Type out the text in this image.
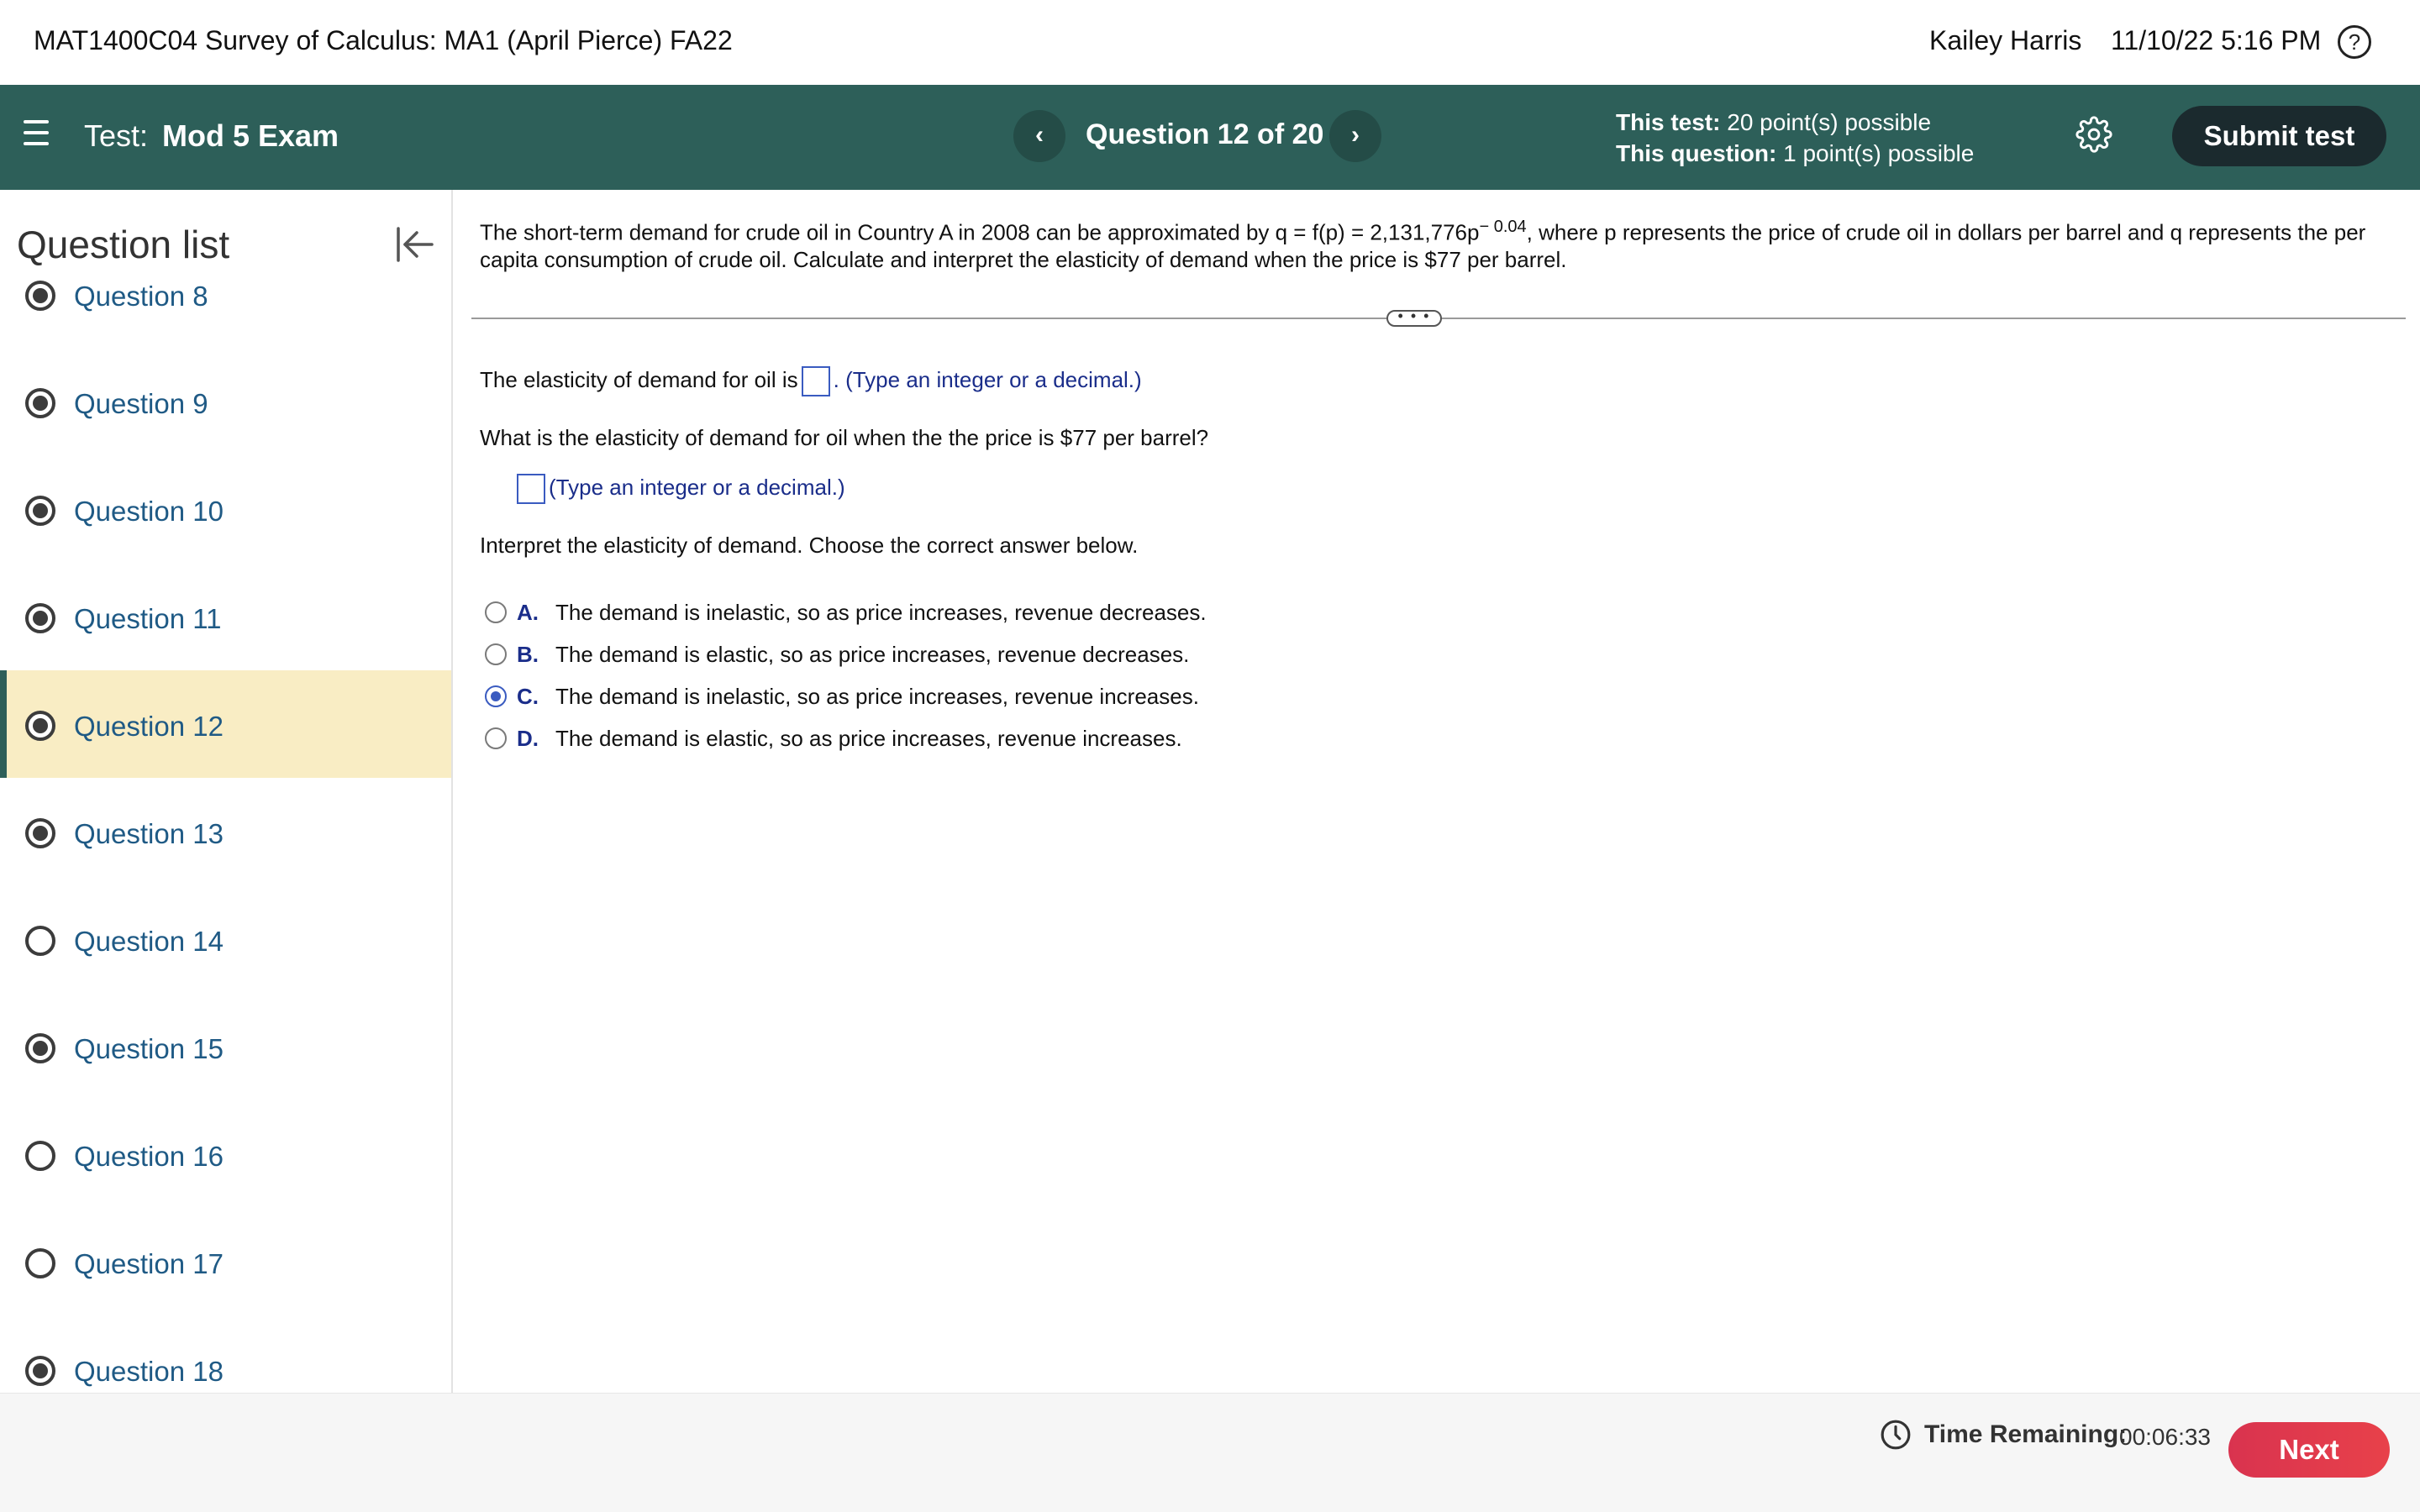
MAT1400C04 Survey of Calculus: MA1 (April Pierce) FA22	Kailey Harris 11/10/22 5:16 PM	?
Test: Mod 5 Exam	‹	Question 12 of 20	›	This test: 20 point(s) possible
This question: 1 point(s) possible
Submit test
Question list
Question 8
Question 9
Question 10
Question 11
Question 12
Question 13
Question 14
Question 15
Question 16
Question 17
Question 18
The short-term demand for crude oil in Country A in 2008 can be approximated by $q = f(p) = 2,131,776p^{- 0.04}$, where p represents the price of crude oil in dollars per barrel and q represents the per capita consumption of crude oil. Calculate and interpret the elasticity of demand when the price is $77 per barrel.
• • •
The elasticity of demand for oil is . (Type an integer or a decimal.)
What is the elasticity of demand for oil when the the price is $77 per barrel?
(Type an integer or a decimal.)
Interpret the elasticity of demand. Choose the correct answer below.
A. The demand is inelastic, so as price increases, revenue decreases.
B. The demand is elastic, so as price increases, revenue decreases.
C. The demand is inelastic, so as price increases, revenue increases.
D. The demand is elastic, so as price increases, revenue increases.
Time Remaining:
00:06:33	Next
